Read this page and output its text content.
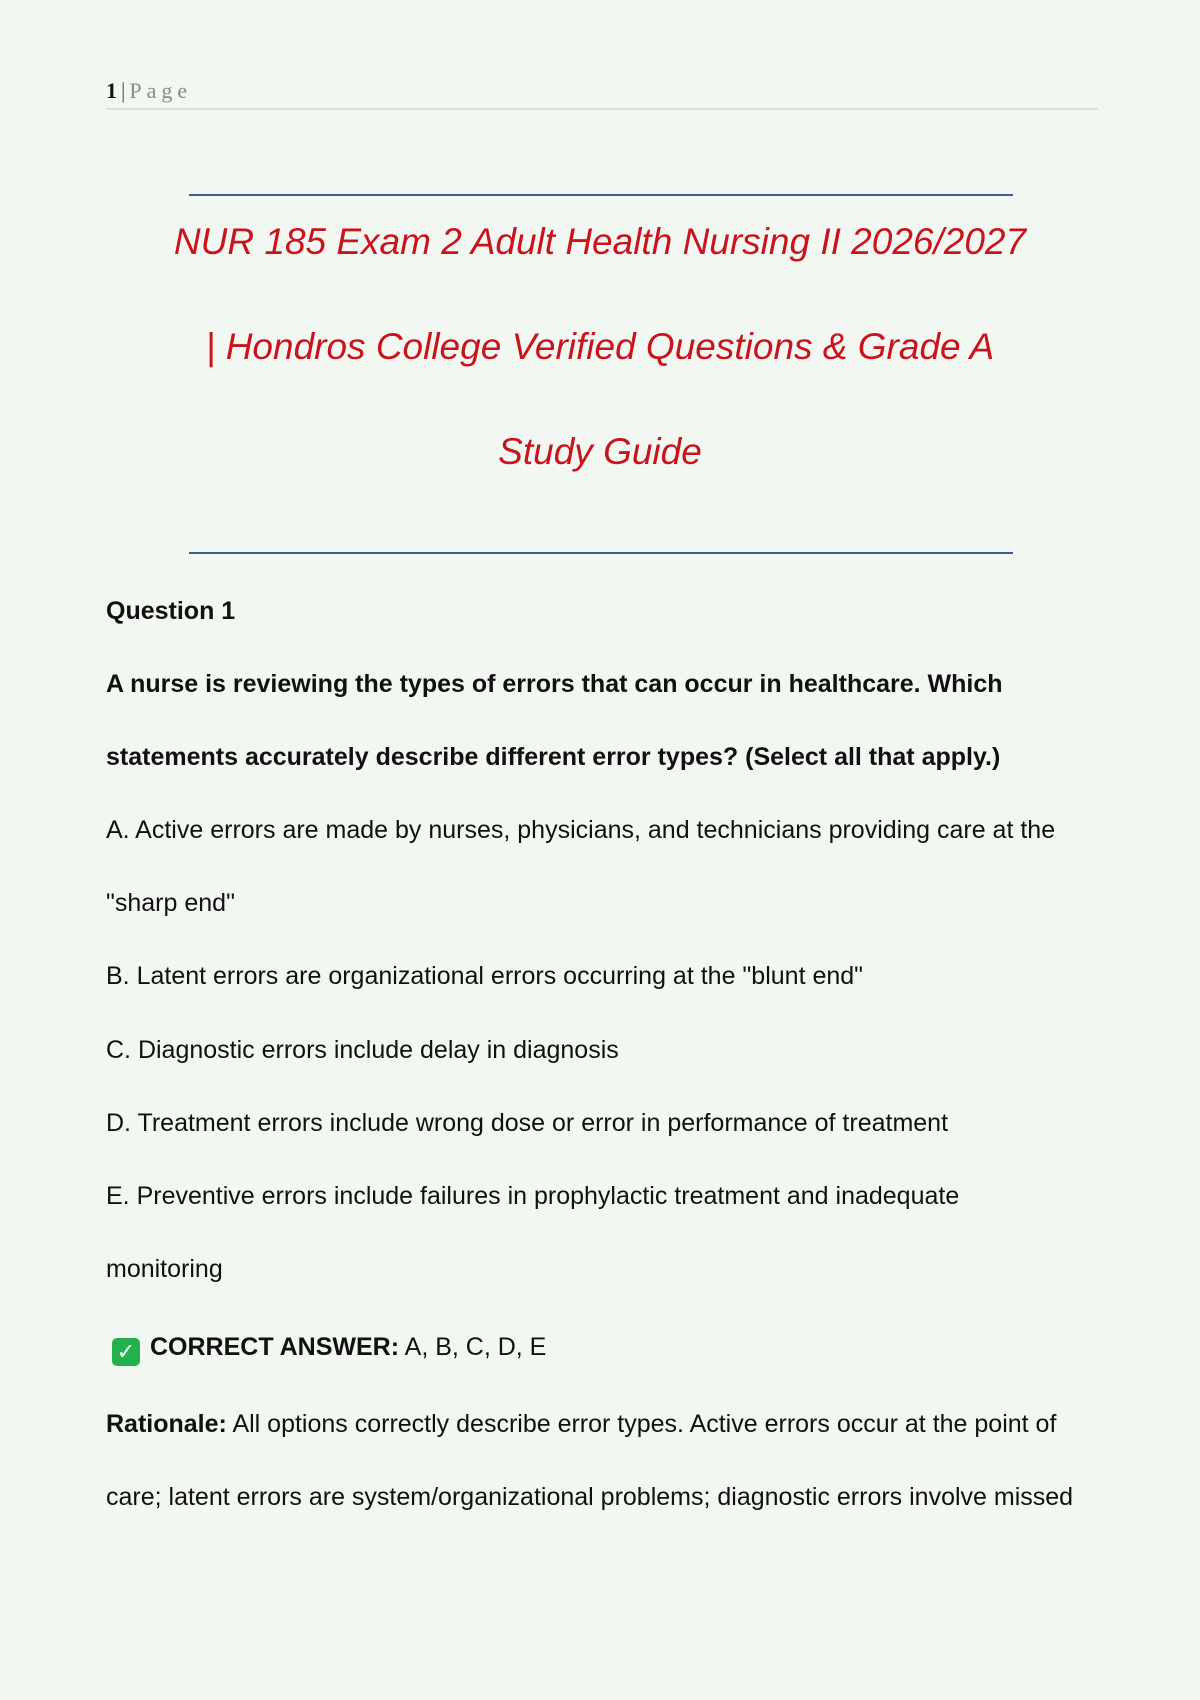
1 | Page
NUR 185 Exam 2 Adult Health Nursing II 2026/2027
| Hondros College Verified Questions & Grade A
Study Guide
Question 1
A nurse is reviewing the types of errors that can occur in healthcare. Which
statements accurately describe different error types? (Select all that apply.)
A. Active errors are made by nurses, physicians, and technicians providing care at the
"sharp end"
B. Latent errors are organizational errors occurring at the "blunt end"
C. Diagnostic errors include delay in diagnosis
D. Treatment errors include wrong dose or error in performance of treatment
E. Preventive errors include failures in prophylactic treatment and inadequate
monitoring
✓ CORRECT ANSWER: A, B, C, D, E
Rationale: All options correctly describe error types. Active errors occur at the point of
care; latent errors are system/organizational problems; diagnostic errors involve missed
